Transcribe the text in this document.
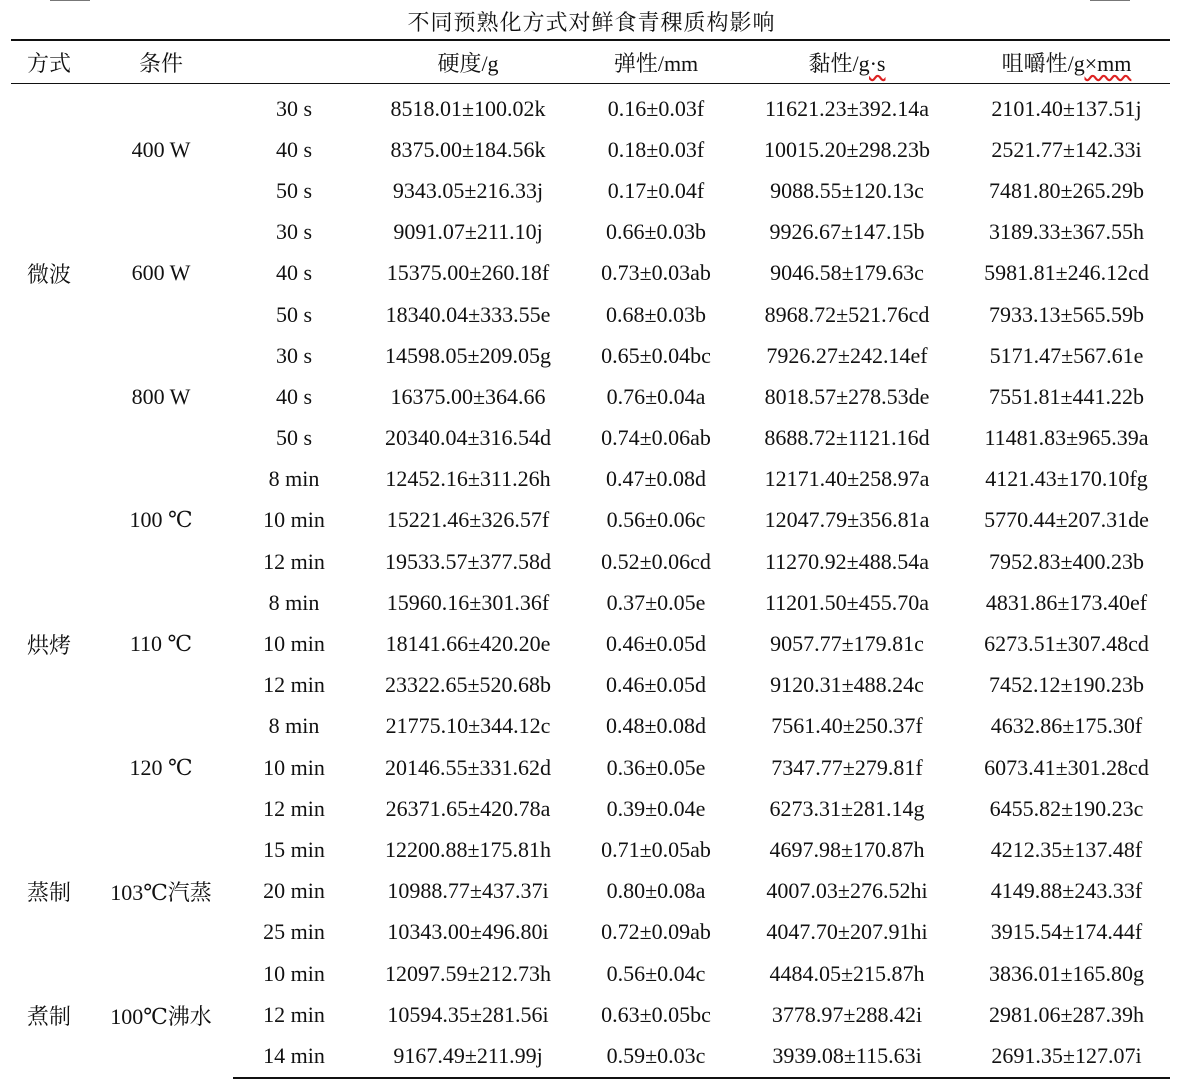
不同预熟化方式对鲜食青稞质构影响
方式	条件		硬度/g	弹性/mm	黏性/g·s	咀嚼性/g×mm
微波	400 W	30 s	8518.01±100.02k	0.16±0.03f	11621.23±392.14a	2101.40±137.51j
		40 s	8375.00±184.56k	0.18±0.03f	10015.20±298.23b	2521.77±142.33i
		50 s	9343.05±216.33j	0.17±0.04f	9088.55±120.13c	7481.80±265.29b
	600 W	30 s	9091.07±211.10j	0.66±0.03b	9926.67±147.15b	3189.33±367.55h
		40 s	15375.00±260.18f	0.73±0.03ab	9046.58±179.63c	5981.81±246.12cd
		50 s	18340.04±333.55e	0.68±0.03b	8968.72±521.76cd	7933.13±565.59b
	800 W	30 s	14598.05±209.05g	0.65±0.04bc	7926.27±242.14ef	5171.47±567.61e
		40 s	16375.00±364.66	0.76±0.04a	8018.57±278.53de	7551.81±441.22b
		50 s	20340.04±316.54d	0.74±0.06ab	8688.72±1121.16d	11481.83±965.39a
烘烤	100 ℃	8 min	12452.16±311.26h	0.47±0.08d	12171.40±258.97a	4121.43±170.10fg
		10 min	15221.46±326.57f	0.56±0.06c	12047.79±356.81a	5770.44±207.31de
		12 min	19533.57±377.58d	0.52±0.06cd	11270.92±488.54a	7952.83±400.23b
	110 ℃	8 min	15960.16±301.36f	0.37±0.05e	11201.50±455.70a	4831.86±173.40ef
		10 min	18141.66±420.20e	0.46±0.05d	9057.77±179.81c	6273.51±307.48cd
		12 min	23322.65±520.68b	0.46±0.05d	9120.31±488.24c	7452.12±190.23b
	120 ℃	8 min	21775.10±344.12c	0.48±0.08d	7561.40±250.37f	4632.86±175.30f
		10 min	20146.55±331.62d	0.36±0.05e	7347.77±279.81f	6073.41±301.28cd
		12 min	26371.65±420.78a	0.39±0.04e	6273.31±281.14g	6455.82±190.23c
蒸制	103℃汽蒸	15 min	12200.88±175.81h	0.71±0.05ab	4697.98±170.87h	4212.35±137.48f
		20 min	10988.77±437.37i	0.80±0.08a	4007.03±276.52hi	4149.88±243.33f
		25 min	10343.00±496.80i	0.72±0.09ab	4047.70±207.91hi	3915.54±174.44f
煮制	100℃沸水	10 min	12097.59±212.73h	0.56±0.04c	4484.05±215.87h	3836.01±165.80g
		12 min	10594.35±281.56i	0.63±0.05bc	3778.97±288.42i	2981.06±287.39h
		14 min	9167.49±211.99j	0.59±0.03c	3939.08±115.63i	2691.35±127.07i
